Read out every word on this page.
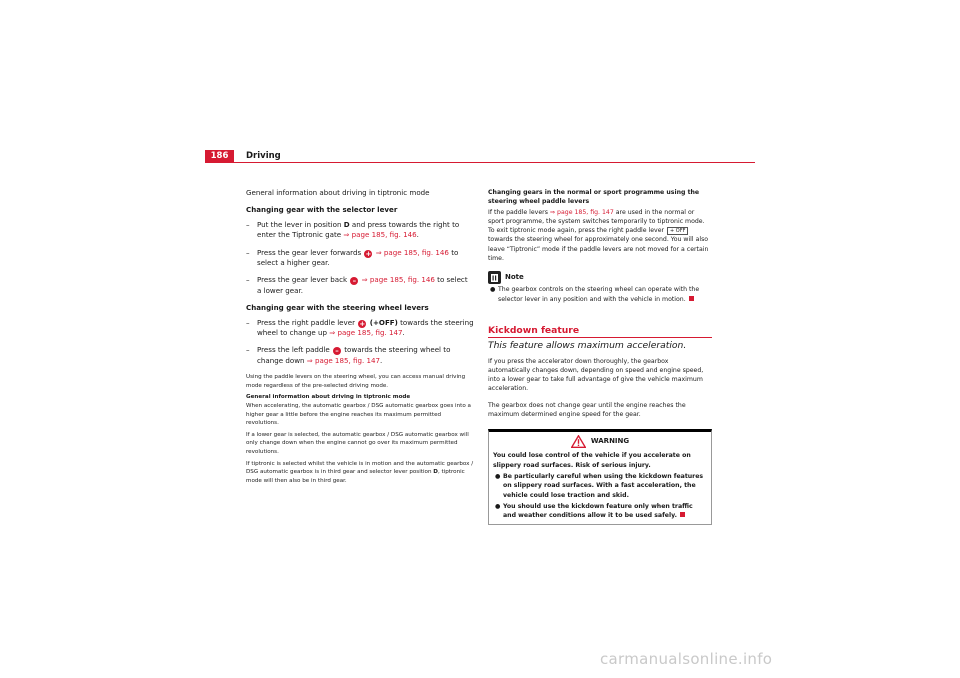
186	Driving
General information about driving in tiptronic mode
Changing gear with the selector lever
– Put the lever in position D and press towards the right to enter the Tiptronic gate ⇒ page 185, fig. 146.
– Press the gear lever forwards + ⇒ page 185, fig. 146 to select a higher gear.
– Press the gear lever back – ⇒ page 185, fig. 146 to select a lower gear.
Changing gear with the steering wheel levers
– Press the right paddle lever + (+OFF) towards the steering wheel to change up ⇒ page 185, fig. 147.
– Press the left paddle – towards the steering wheel to change down ⇒ page 185, fig. 147.
Using the paddle levers on the steering wheel, you can access manual driving mode regardless of the pre-selected driving mode.
General information about driving in tiptronic mode
When accelerating, the automatic gearbox / DSG automatic gearbox goes into a higher gear a little before the engine reaches its maximum permitted revolutions.
If a lower gear is selected, the automatic gearbox / DSG automatic gearbox will only change down when the engine cannot go over its maximum permitted revolutions.
If tiptronic is selected whilst the vehicle is in motion and the automatic gearbox / DSG automatic gearbox is in third gear and selector lever position D, tiptronic mode will then also be in third gear.
Changing gears in the normal or sport programme using the steering wheel paddle levers
If the paddle levers ⇒ page 185, fig. 147 are used in the normal or sport programme, the system switches temporarily to tiptronic mode. To exit tiptronic mode again, press the right paddle lever + OFF towards the steering wheel for approximately one second. You will also leave “Tiptronic” mode if the paddle levers are not moved for a certain time.
Note
● The gearbox controls on the steering wheel can operate with the selector lever in any position and with the vehicle in motion.
Kickdown feature
This feature allows maximum acceleration.
If you press the accelerator down thoroughly, the gearbox automatically changes down, depending on speed and engine speed, into a lower gear to take full advantage of give the vehicle maximum acceleration.
The gearbox does not change gear until the engine reaches the maximum determined engine speed for the gear.
WARNING
You could lose control of the vehicle if you accelerate on slippery road surfaces. Risk of serious injury.
● Be particularly careful when using the kickdown features on slippery road surfaces. With a fast acceleration, the vehicle could lose traction and skid.
● You should use the kickdown feature only when traffic and weather conditions allow it to be used safely.
carmanualsonline.info
